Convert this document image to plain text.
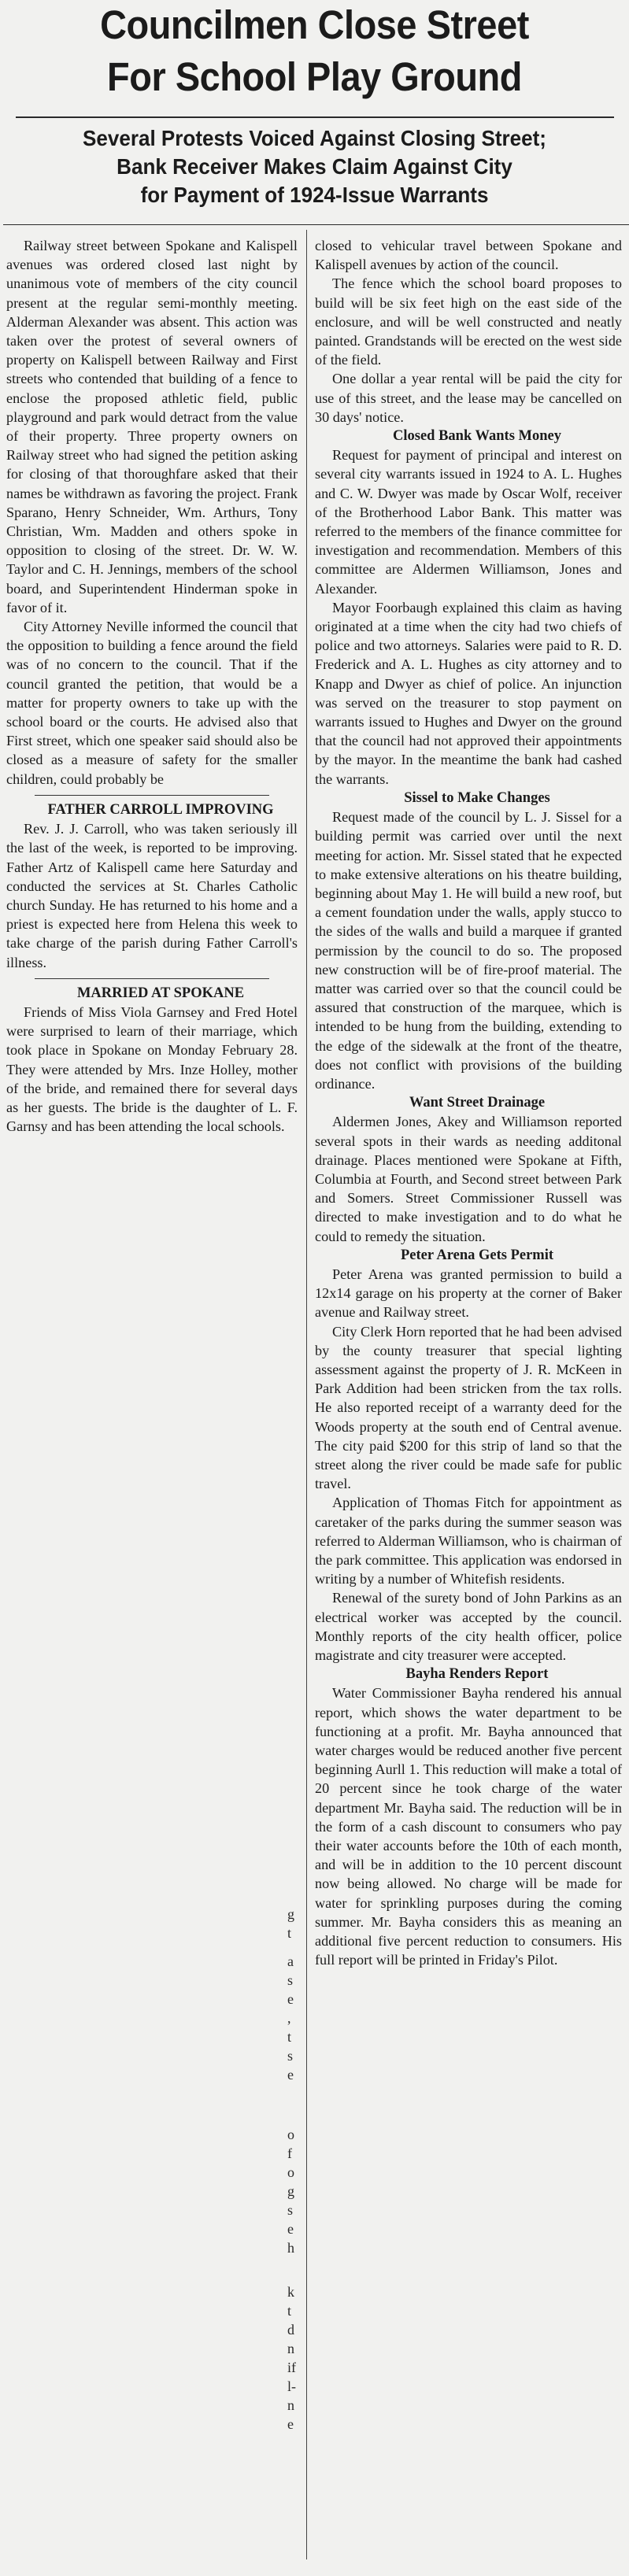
Councilmen Close Street
For School Play Ground
Several Protests Voiced Against Closing Street;
Bank Receiver Makes Claim Against City
for Payment of 1924-Issue Warrants

Railway street between Spokane and Kalispell avenues was ordered closed last night by unanimous vote of members of the city council present at the regular semi-monthly meeting. Alderman Alexander was absent. This action was taken over the protest of several owners of property on Kalispell between Railway and First streets who contended that building of a fence to enclose the proposed athletic field, public playground and park would detract from the value of their property. Three property owners on Railway street who had signed the petition asking for closing of that thoroughfare asked that their names be withdrawn as favoring the project. Frank Sparano, Henry Schneider, Wm. Arthurs, Tony Christian, Wm. Madden and others spoke in opposition to closing of the street. Dr. W. W. Taylor and C. H. Jennings, members of the school board, and Superintendent Hinderman spoke in favor of it.

City Attorney Neville informed the council that the opposition to building a fence around the field was of no concern to the council. That if the council granted the petition, that would be a matter for property owners to take up with the school board or the courts. He advised also that First street, which one speaker said should also be closed as a measure of safety for the smaller children, could probably be

FATHER CARROLL IMPROVING

Rev. J. J. Carroll, who was taken seriously ill the last of the week, is reported to be improving. Father Artz of Kalispell came here Saturday and conducted the services at St. Charles Catholic church Sunday. He has returned to his home and a priest is expected here from Helena this week to take charge of the parish during Father Carroll's illness.

MARRIED AT SPOKANE

Friends of Miss Viola Garnsey and Fred Hotel were surprised to learn of their marriage, which took place in Spokane on Monday February 28. They were attended by Mrs. Inze Holley, mother of the bride, and remained there for several days as her guests. The bride is the daughter of L. F. Garnsy and has been attending the local schools.

closed to vehicular travel between Spokane and Kalispell avenues by action of the council.

The fence which the school board proposes to build will be six feet high on the east side of the enclosure, and will be well constructed and neatly painted. Grandstands will be erected on the west side of the field.

One dollar a year rental will be paid the city for use of this street, and the lease may be cancelled on 30 days' notice.

Closed Bank Wants Money

Request for payment of principal and interest on several city warrants issued in 1924 to A. L. Hughes and C. W. Dwyer was made by Oscar Wolf, receiver of the Brotherhood Labor Bank. This matter was referred to the members of the finance committee for investigation and recommendation. Members of this committee are Aldermen Williamson, Jones and Alexander.

Mayor Foorbaugh explained this claim as having originated at a time when the city had two chiefs of police and two attorneys. Salaries were paid to R. D. Frederick and A. L. Hughes as city attorney and to Knapp and Dwyer as chief of police. An injunction was served on the treasurer to stop payment on warrants issued to Hughes and Dwyer on the ground that the council had not approved their appointments by the mayor. In the meantime the bank had cashed the warrants.

Sissel to Make Changes

Request made of the council by L. J. Sissel for a building permit was carried over until the next meeting for action. Mr. Sissel stated that he expected to make extensive alterations on his theatre building, beginning about May 1. He will build a new roof, but a cement foundation under the walls, apply stucco to the sides of the walls and build a marquee if granted permission by the council to do so. The proposed new construction will be of fire-proof material. The matter was carried over so that the council could be assured that construction of the marquee, which is intended to be hung from the building, extending to the edge of the sidewalk at the front of the theatre, does not conflict with provisions of the building ordinance.

Want Street Drainage

Aldermen Jones, Akey and Williamson reported several spots in their wards as needing additonal drainage. Places mentioned were Spokane at Fifth, Columbia at Fourth, and Second street between Park and Somers. Street Commissioner Russell was directed to make investigation and to do what he could to remedy the situation.

Peter Arena Gets Permit

Peter Arena was granted permission to build a 12x14 garage on his property at the corner of Baker avenue and Railway street.

City Clerk Horn reported that he had been advised by the county treasurer that special lighting assessment against the property of J. R. McKeen in Park Addition had been stricken from the tax rolls. He also reported receipt of a warranty deed for the Woods property at the south end of Central avenue. The city paid $200 for this strip of land so that the street along the river could be made safe for public travel.

Application of Thomas Fitch for appointment as caretaker of the parks during the summer season was referred to Alderman Williamson, who is chairman of the park committee. This application was endorsed in writing by a number of Whitefish residents.

Renewal of the surety bond of John Parkins as an electrical worker was accepted by the council. Monthly reports of the city health officer, police magistrate and city treasurer were accepted.

Bayha Renders Report

Water Commissioner Bayha rendered his annual report, which shows the water department to be functioning at a profit. Mr. Bayha announced that water charges would be reduced another five percent beginning Aurll 1. This reduction will make a total of 20 percent since he took charge of the water department Mr. Bayha said. The reduction will be in the form of a cash discount to consumers who pay their water accounts before the 10th of each month, and will be in addition to the 10 percent discount now being allowed. No charge will be made for water for sprinkling purposes during the coming summer. Mr. Bayha considers this as meaning an additional five percent reduction to consumers. His full report will be printed in Friday's Pilot.

g
t
a
s
e
,
t
s
e
o
f
o
g
s
e
h
k
t
d
n
if
l-
n
e
